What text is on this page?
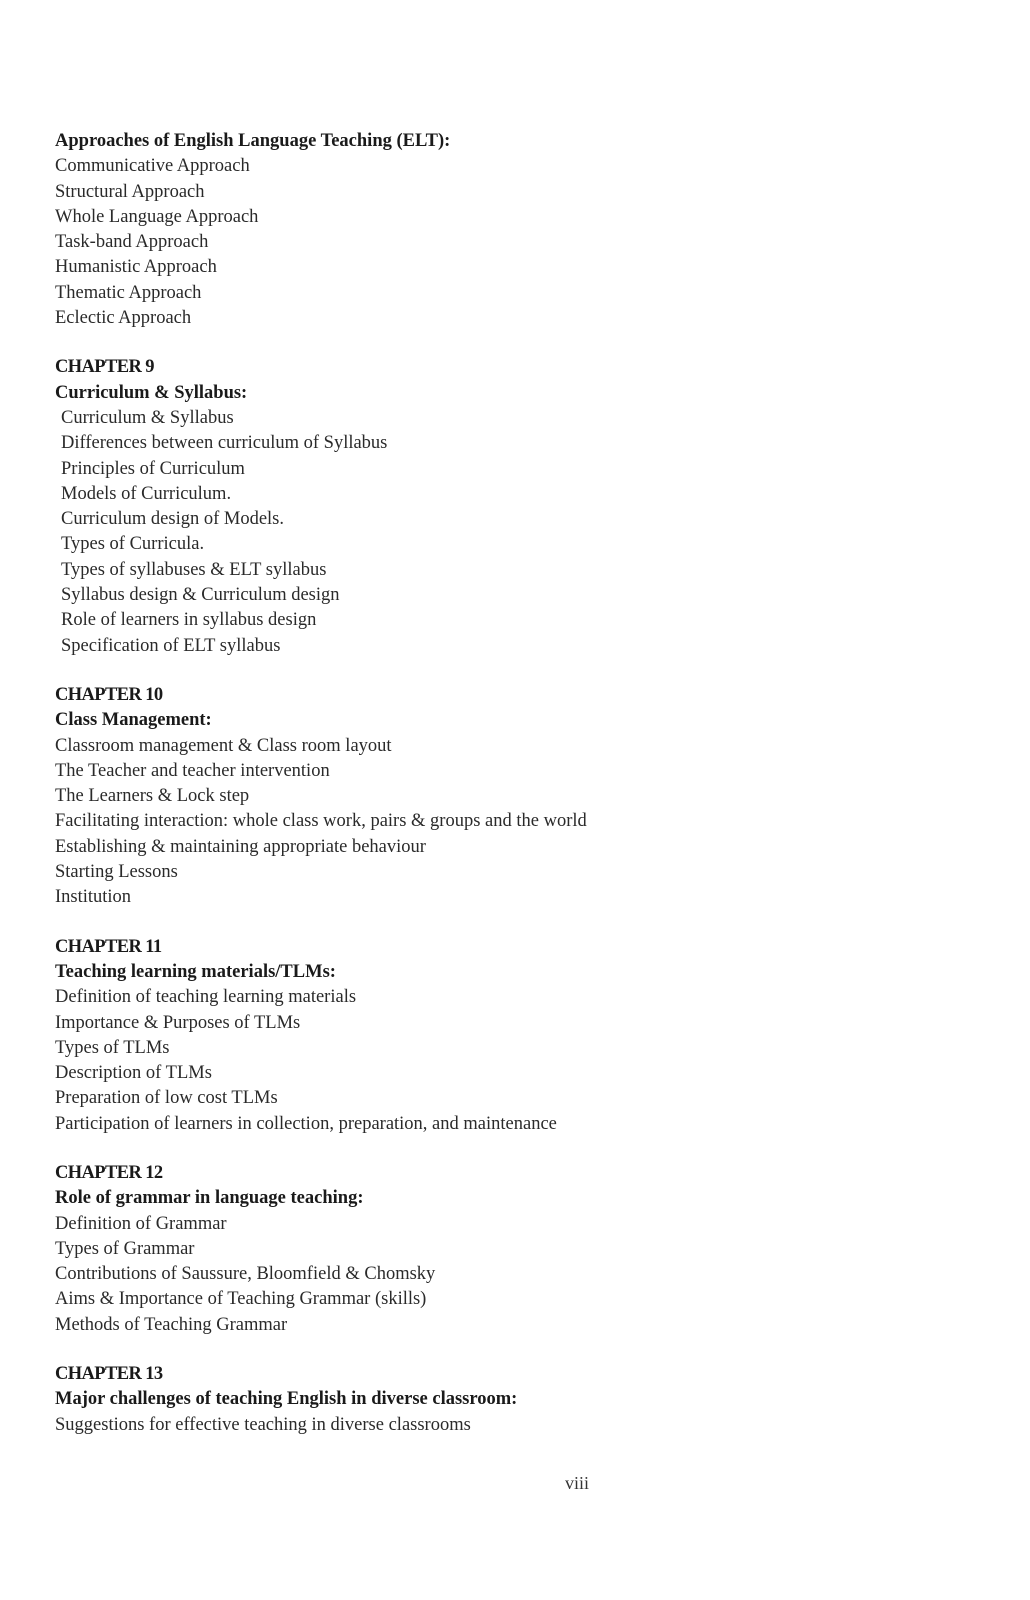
Approaches of English Language Teaching (ELT):
Communicative Approach
Structural Approach
Whole Language Approach
Task-band Approach
Humanistic Approach
Thematic Approach
Eclectic Approach
CHAPTER 9
Curriculum & Syllabus:
Curriculum & Syllabus
Differences between curriculum of Syllabus
Principles of Curriculum
Models of Curriculum.
Curriculum design of Models.
Types of Curricula.
Types of syllabuses & ELT syllabus
Syllabus design & Curriculum design
Role of learners in syllabus design
Specification of ELT syllabus
CHAPTER 10
Class Management:
Classroom management & Class room layout
The Teacher and teacher intervention
The Learners & Lock step
Facilitating interaction: whole class work, pairs & groups and the world
Establishing & maintaining appropriate behaviour
Starting Lessons
Institution
CHAPTER 11
Teaching learning materials/TLMs:
Definition of teaching learning materials
Importance & Purposes of TLMs
Types of TLMs
Description of TLMs
Preparation of low cost TLMs
Participation of learners in collection, preparation, and maintenance
CHAPTER 12
Role of grammar in language teaching:
Definition of Grammar
Types of Grammar
Contributions of Saussure, Bloomfield & Chomsky
Aims & Importance of Teaching Grammar (skills)
Methods of Teaching Grammar
CHAPTER 13
Major challenges of teaching English in diverse classroom:
Suggestions for effective teaching in diverse classrooms
viii
